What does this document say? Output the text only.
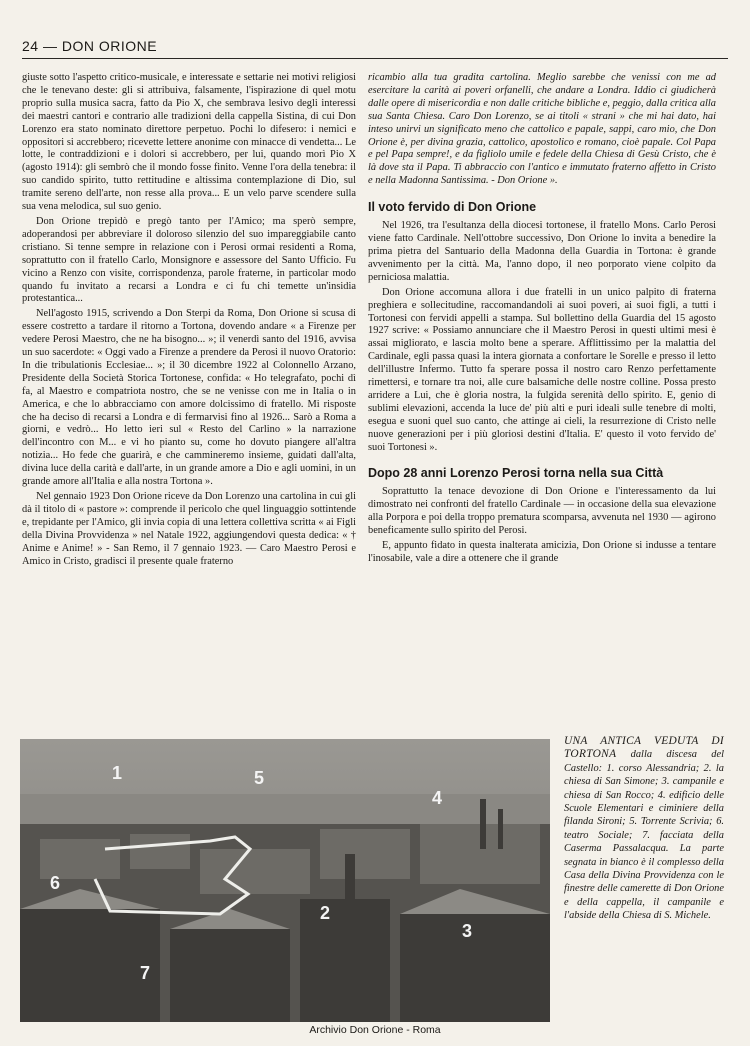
24 — DON ORIONE

giuste sotto l'aspetto critico-musicale, e interessate e settarie nei motivi religiosi che le tenevano deste: gli si attribuiva, falsamente, l'ispirazione di quel motu proprio sulla musica sacra, fatto da Pio X, che sembrava lesivo degli interessi dei maestri cantori e contrario alle tradizioni della cappella Sistina, di cui Don Lorenzo era stato nominato direttore perpetuo. Pochi lo difesero: i nemici e oppositori si accrebbero; ricevette lettere anonime con minacce di vendetta... Le lotte, le contraddizioni e i dolori si accrebbero, per lui, quando morì Pio X (agosto 1914): gli sembrò che il mondo fosse finito. Venne l'ora della tenebra: il suo candido spirito, tutto rettitudine e altissima contemplazione di Dio, sul tramite sereno dell'arte, non resse alla prova... E un velo parve scendere sulla sua vena melodica, sul suo genio.

Don Orione trepidò e pregò tanto per l'Amico; ma sperò sempre, adoperandosi per abbreviare il doloroso silenzio del suo impareggiabile canto cristiano. Si tenne sempre in relazione con i Perosi ormai residenti a Roma, soprattutto con il fratello Carlo, Monsignore e assessore del Santo Ufficio. Fu vicino a Renzo con visite, corrispondenza, parole fraterne, in particolar modo quando fu invitato a recarsi a Londra e ci fu chi temette un'insidia protestantica...

Nell'agosto 1915, scrivendo a Don Sterpi da Roma, Don Orione si scusa di essere costretto a tardare il ritorno a Tortona, dovendo andare « a Firenze per vedere Perosi Maestro, che ne ha bisogno... »; il venerdì santo del 1916, avvisa un suo sacerdote: « Oggi vado a Firenze a prendere da Perosi il nuovo Oratorio: In die tribulationis Ecclesiae... »; il 30 dicembre 1922 al Colonnello Arzano, Presidente della Società Storica Tortonese, confida: « Ho telegrafato, pochi dì fa, al Maestro e compatriota nostro, che se ne venisse con me in Italia o in America, e che lo abbracciamo con amore dolcissimo di fratello. Mi risposte che ha deciso di recarsi a Londra e di fermarvisi fino al 1926... Sarò a Roma a giorni, e vedrò... Ho letto ieri sul « Resto del Carlino » la narrazione dell'incontro con M... e vi ho pianto su, come ho dovuto piangere all'altra notizia... Ho fede che guarirà, e che cammineremo insieme, guidati dall'alta, divina luce della carità e dall'arte, in un grande amore a Dio e agli uomini, in un grande amore all'Italia e alla nostra Tortona ».

Nel gennaio 1923 Don Orione riceve da Don Lorenzo una cartolina in cui gli dà il titolo di « pastore »: comprende il pericolo che quel linguaggio sottintende e, trepidante per l'Amico, gli invia copia di una lettera collettiva scritta « ai Figli della Divina Provvidenza » nel Natale 1922, aggiungendovi questa dedica: « † Anime e Anime! » - San Remo, il 7 gennaio 1923. — Caro Maestro Perosi e Amico in Cristo, gradisci il presente quale fraterno

ricambio alla tua gradita cartolina. Meglio sarebbe che venissi con me ad esercitare la carità ai poveri orfanelli, che andare a Londra. Iddio ci giudicherà dalle opere di misericordia e non dalle critiche bibliche e, peggio, dalla critica alla sua Santa Chiesa. Caro Don Lorenzo, se ai titoli « strani » che mi hai dato, hai inteso unirvi un significato meno che cattolico e papale, sappi, caro mio, che Don Orione è, per divina grazia, cattolico, apostolico e romano, cioè papale. Col Papa e pel Papa sempre!, e da figliolo umile e fedele della Chiesa di Gesù Cristo, che è là dove sta il Papa. Ti abbraccio con l'antico e immutato fraterno affetto in Cristo e nella Madonna Santissima. - Don Orione ».

Il voto fervido di Don Orione

Nel 1926, tra l'esultanza della diocesi tortonese, il fratello Mons. Carlo Perosi viene fatto Cardinale. Nell'ottobre successivo, Don Orione lo invita a benedire la prima pietra del Santuario della Madonna della Guardia in Tortona: è grande avvenimento per la città. Ma, l'anno dopo, il neo porporato viene colpito da perniciosa malattia.

Don Orione accomuna allora i due fratelli in un unico palpito di fraterna preghiera e sollecitudine, raccomandandoli ai suoi poveri, ai suoi figli, a tutti i Tortonesi con fervidi appelli a stampa. Sul bollettino della Guardia del 15 agosto 1927 scrive: « Possiamo annunciare che il Maestro Perosi in questi ultimi mesi è assai migliorato, e lascia molto bene a sperare. Afflittissimo per la malattia del Cardinale, egli passa quasi la intera giornata a confortare le Sorelle e presso il letto dell'illustre Infermo. Tutto fa sperare possa il nostro caro Renzo perfettamente rimettersi, e tornare tra noi, alle cure balsamiche delle nostre colline. Possa presto arridere a Lui, che è gloria nostra, la fulgida serenità dello spirito. E, genio di sublimi elevazioni, accenda la luce de' più alti e puri ideali sulle tenebre di molti, esegua e suoni quel suo canto, che attinge ai cieli, la resurrezione di Cristo nelle nuove generazioni per i più gloriosi destini d'Italia. E' questo il voto fervido de' suoi Tortonesi ».

Dopo 28 anni Lorenzo Perosi torna nella sua Città

Soprattutto la tenace devozione di Don Orione e l'interessamento da lui dimostrato nei confronti del fratello Cardinale — in occasione della sua elevazione alla Porpora e poi della troppo prematura scomparsa, avvenuta nel 1930 — agirono beneficamente sullo spirito del Perosi.

E, appunto fidato in questa inalterata amicizia, Don Orione si indusse a tentare l'inosabile, vale a dire a ottenere che il grande

1
2
3
4
5
6
7
Archivio Don Orione - Roma
UNA ANTICA VEDUTA DI TORTONA dalla discesa del Castello: 1. corso Alessandria; 2. la chiesa di San Simone; 3. campanile e chiesa di San Rocco; 4. edificio delle Scuole Elementari e ciminiere della filanda Sironi; 5. Torrente Scrivia; 6. teatro Sociale; 7. facciata della Caserma Passalacqua. La parte segnata in bianco è il complesso della Casa della Divina Provvidenza con le finestre delle camerette di Don Orione e della cappella, il campanile e l'abside della Chiesa di S. Michele.
